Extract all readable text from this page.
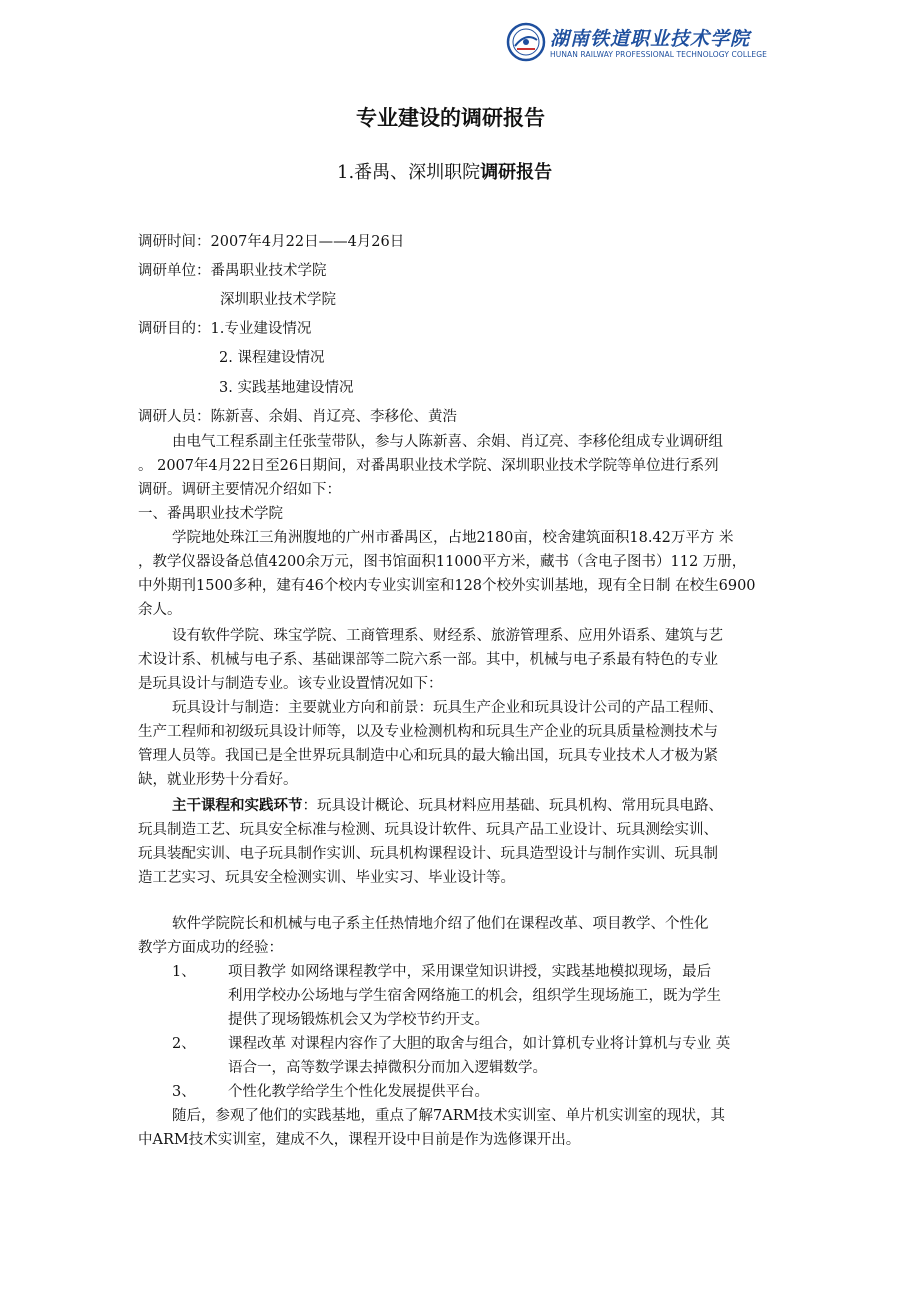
湖南铁道职业技术学院
HUNAN RAILWAY PROFESSIONAL TECHNOLOGY COLLEGE
专业建设的调研报告
1.番禺、深圳职院调研报告
调研时间：2007年4月22日——4月26日
调研单位：番禺职业技术学院
深圳职业技术学院
调研目的：1.专业建设情况
2. 课程建设情况
3. 实践基地建设情况
调研人员：陈新喜、余娟、肖辽亮、李移伦、黄浩
由电气工程系副主任张莹带队，参与人陈新喜、余娟、肖辽亮、李移伦组成专业调研组
。 2007年4月22日至26日期间，对番禺职业技术学院、深圳职业技术学院等单位进行系列
调研。调研主要情况介绍如下：
一、番禺职业技术学院
学院地处珠江三角洲腹地的广州市番禺区，占地2180亩，校舍建筑面积18.42万平方 米
，教学仪器设备总值4200余万元，图书馆面积11000平方米，藏书（含电子图书）112 万册，
中外期刊1500多种，建有46个校内专业实训室和128个校外实训基地，现有全日制 在校生6900
余人。
设有软件学院、珠宝学院、工商管理系、财经系、旅游管理系、应用外语系、建筑与艺
术设计系、机械与电子系、基础课部等二院六系一部。其中，机械与电子系最有特色的专业
是玩具设计与制造专业。该专业设置情况如下：
玩具设计与制造：主要就业方向和前景：玩具生产企业和玩具设计公司的产品工程师、
生产工程师和初级玩具设计师等，以及专业检测机构和玩具生产企业的玩具质量检测技术与
管理人员等。我国已是全世界玩具制造中心和玩具的最大输出国，玩具专业技术人才极为紧
缺，就业形势十分看好。
主干课程和实践环节：玩具设计概论、玩具材料应用基础、玩具机构、常用玩具电路、
玩具制造工艺、玩具安全标准与检测、玩具设计软件、玩具产品工业设计、玩具测绘实训、
玩具装配实训、电子玩具制作实训、玩具机构课程设计、玩具造型设计与制作实训、玩具制
造工艺实习、玩具安全检测实训、毕业实习、毕业设计等。
软件学院院长和机械与电子系主任热情地介绍了他们在课程改革、项目教学、个性化
教学方面成功的经验：
1、 项目教学 如网络课程教学中，采用课堂知识讲授，实践基地模拟现场，最后
利用学校办公场地与学生宿舍网络施工的机会，组织学生现场施工，既为学生
提供了现场锻炼机会又为学校节约开支。
2、 课程改革 对课程内容作了大胆的取舍与组合，如计算机专业将计算机与专业 英
语合一，高等数学课去掉微积分而加入逻辑数学。
3、 个性化教学给学生个性化发展提供平台。
随后，参观了他们的实践基地，重点了解7ARM技术实训室、单片机实训室的现状，其
中ARM技术实训室，建成不久，课程开设中目前是作为选修课开出。
